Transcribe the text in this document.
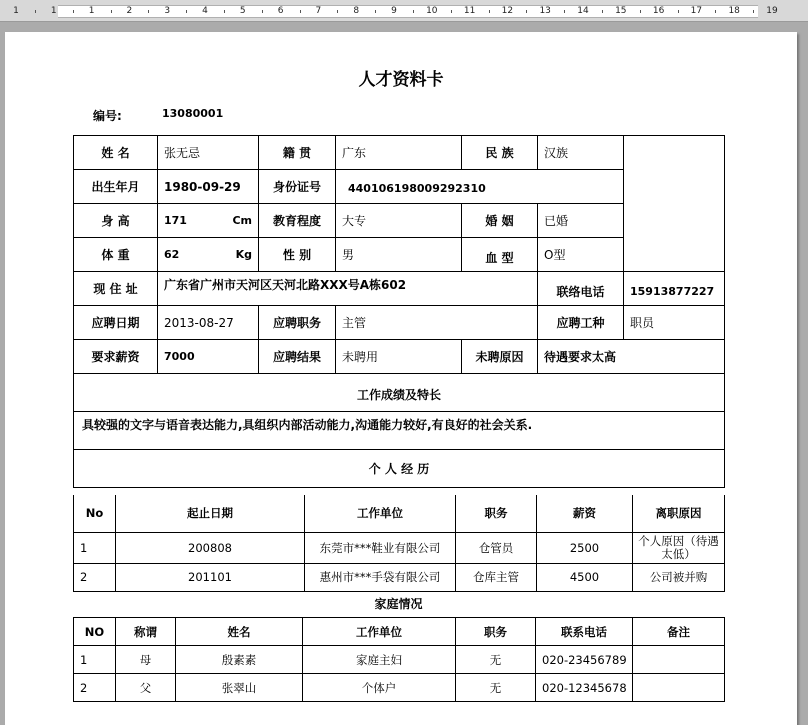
1	1	1	2	3	4	5	6	7	8	9	10	11	12	13	14	15	16	17	18	19
人才资料卡
编号:	13080001
姓 名	张无忌	籍 贯	广东	民 族	汉族	
出生年月	1980-09-29	身份证号	440106198009292310			
身 高	171 Cm	教育程度	大专	婚 姻	已婚	
体 重	62 Kg	性 别	男	血 型	O型	
现 住 址	广东省广州市天河区天河北路XXX号A栋602				联络电话	15913877227
应聘日期	2013-08-27	应聘职务	主管		应聘工种	职员
要求薪资	7000	应聘结果	未聘用	未聘原因	待遇要求太高	
工作成绩及特长						
具较强的文字与语音表达能力,具组织内部活动能力,沟通能力较好,有良好的社会关系.						
个 人 经 历						
No	起止日期	工作单位	职务	薪资	离职原因
1	200808	东莞市***鞋业有限公司	仓管员	2500	个人原因（待遇太低）
2	201101	惠州市***手袋有限公司	仓库主管	4500	公司被并购
家庭情况
NO	称谓	姓名	工作单位	职务	联系电话	备注
1	母	殷素素	家庭主妇	无	020-23456789	
2	父	张翠山	个体户	无	020-12345678	
